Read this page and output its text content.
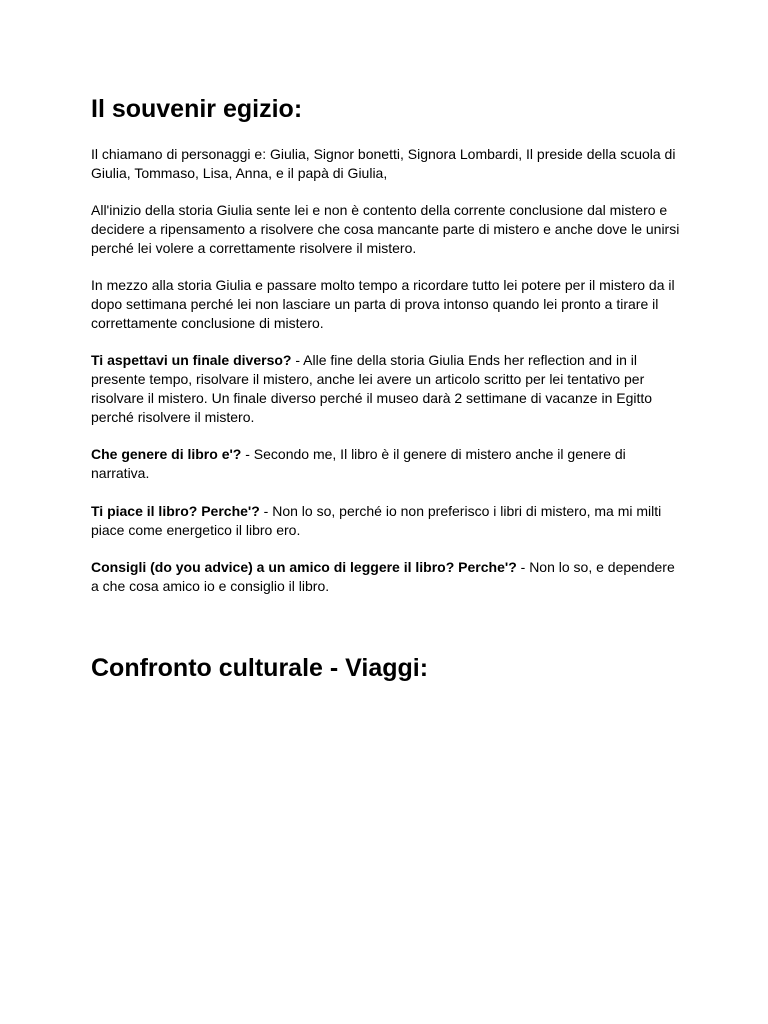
Il souvenir egizio:

Il chiamano di personaggi e: Giulia, Signor bonetti, Signora Lombardi, Il preside della scuola di Giulia, Tommaso, Lisa, Anna, e il papà di Giulia,

All'inizio della storia Giulia sente lei e non è contento della corrente conclusione dal mistero e decidere a ripensamento a risolvere che cosa mancante parte di mistero e anche dove le unirsi perché lei volere a correttamente risolvere il mistero.

In mezzo alla storia Giulia e passare molto tempo a ricordare tutto lei potere per il mistero da il dopo settimana perché lei non lasciare un parta di prova intonso quando lei pronto a tirare il correttamente conclusione di mistero.

Ti aspettavi un finale diverso? - Alle fine della storia Giulia Ends her reflection and in il presente tempo, risolvare il mistero, anche lei avere un articolo scritto per lei tentativo per risolvare il mistero. Un finale diverso perché il museo darà 2 settimane di vacanze in Egitto perché risolvere il mistero.

Che genere di libro e'? - Secondo me, Il libro è il genere di mistero anche il genere di narrativa.

Ti piace il libro? Perche'? - Non lo so, perché io non preferisco i libri di mistero, ma mi milti piace come energetico il libro ero.

Consigli (do you advice) a un amico di leggere il libro? Perche'? - Non lo so, e dependere a che cosa amico io e consiglio il libro.

Confronto culturale - Viaggi:
